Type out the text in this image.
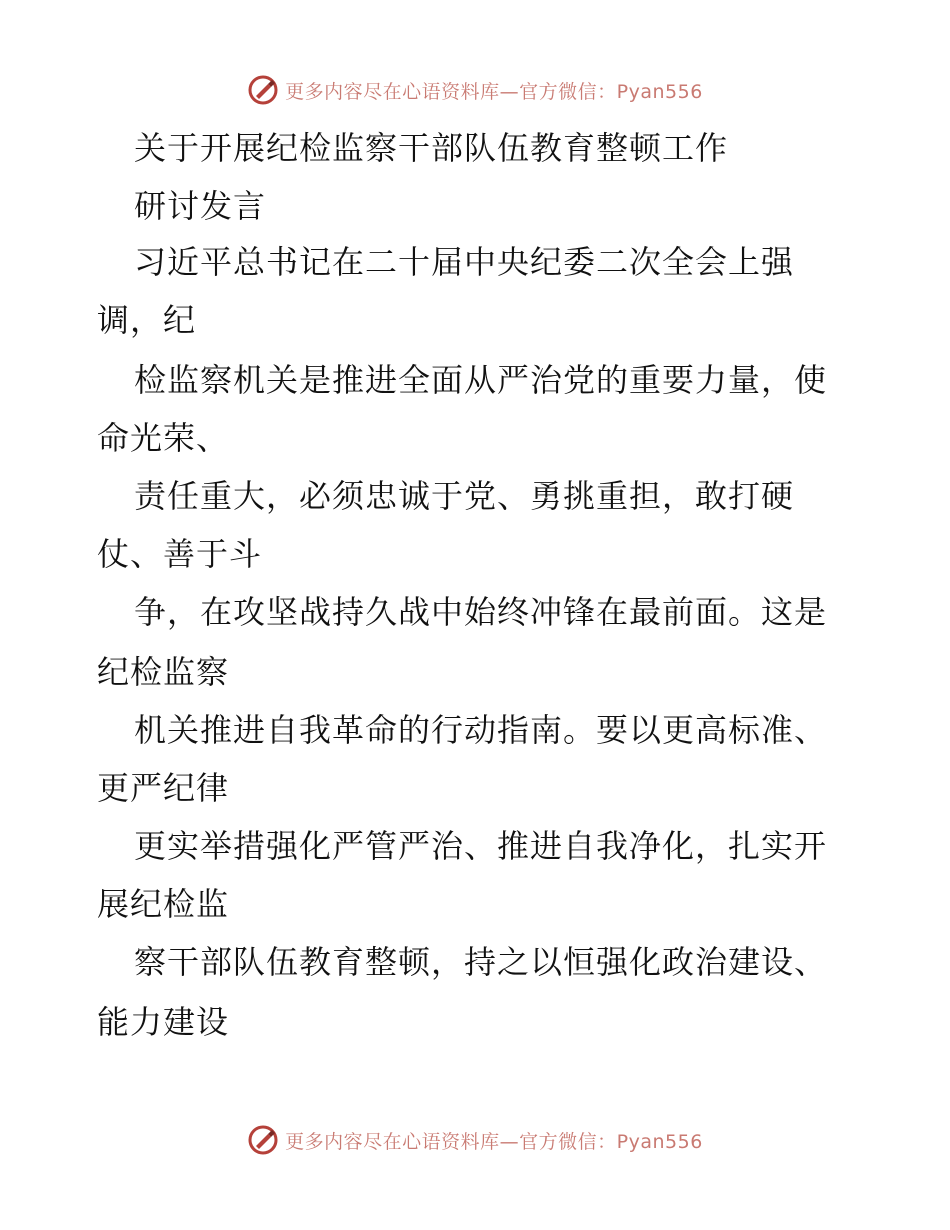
更多内容尽在心语资料库—官方微信：Pyan556
关于开展纪检监察干部队伍教育整顿工作
研讨发言
习近平总书记在二十届中央纪委二次全会上强
调，纪
检监察机关是推进全面从严治党的重要力量，使
命光荣、
责任重大，必须忠诚于党、勇挑重担，敢打硬
仗、善于斗
争，在攻坚战持久战中始终冲锋在最前面。这是
纪检监察
机关推进自我革命的行动指南。要以更高标准、
更严纪律
更实举措强化严管严治、推进自我净化，扎实开
展纪检监
察干部队伍教育整顿，持之以恒强化政治建设、
能力建设
更多内容尽在心语资料库—官方微信：Pyan556
